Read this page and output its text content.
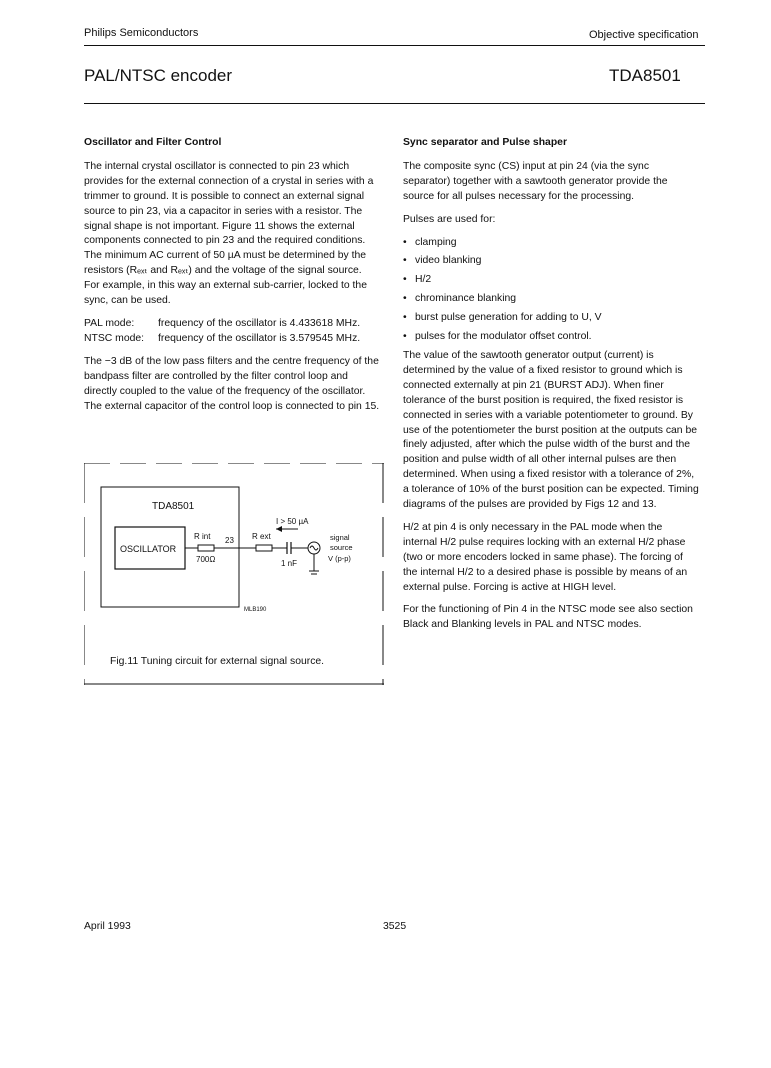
Philips Semiconductors	Objective specification
PAL/NTSC encoder	TDA8501

Oscillator and Filter Control

The internal crystal oscillator is connected to pin 23 which provides for the external connection of a crystal in series with a trimmer to ground. It is possible to connect an external signal source to pin 23, via a capacitor in series with a resistor. The signal shape is not important. Figure 11 shows the external components connected to pin 23 and the required conditions. The minimum AC current of 50 µA must be determined by the resistors (Rₑₓₜ and Rₑₓₜ) and the voltage of the signal source. For example, in this way an external sub-carrier, locked to the sync, can be used.

PAL mode:	frequency of the oscillator is 4.433618 MHz.
NTSC mode:	frequency of the oscillator is 3.579545 MHz.

The −3 dB of the low pass filters and the centre frequency of the bandpass filter are controlled by the filter control loop and directly coupled to the value of the frequency of the oscillator. The external capacitor of the control loop is connected to pin 15.

TDA8501
OSCILLATOR
R int
700Ω
23 R ext
I > 50 µA
1 nF
signal
source
V (p-p)
MLB190
Fig.11 Tuning circuit for external signal source.

Sync separator and Pulse shaper

The composite sync (CS) input at pin 24 (via the sync separator) together with a sawtooth generator provide the source for all pulses necessary for the processing.

Pulses are used for:

• clamping
• video blanking
• H/2
• chrominance blanking
• burst pulse generation for adding to U, V
• pulses for the modulator offset control.

The value of the sawtooth generator output (current) is determined by the value of a fixed resistor to ground which is connected externally at pin 21 (BURST ADJ). When finer tolerance of the burst position is required, the fixed resistor is connected in series with a variable potentiometer to ground. By use of the potentiometer the burst position at the outputs can be finely adjusted, after which the pulse width of the burst and the position and pulse width of all other internal pulses are then determined. When using a fixed resistor with a tolerance of 2%, a tolerance of 10% of the burst position can be expected. Timing diagrams of the pulses are provided by Figs 12 and 13.

H/2 at pin 4 is only necessary in the PAL mode when the internal H/2 pulse requires locking with an external H/2 phase (two or more encoders locked in same phase). The forcing of the internal H/2 to a desired phase is possible by means of an external pulse. Forcing is active at HIGH level.

For the functioning of Pin 4 in the NTSC mode see also section Black and Blanking levels in PAL and NTSC modes.

April 1993	3525
